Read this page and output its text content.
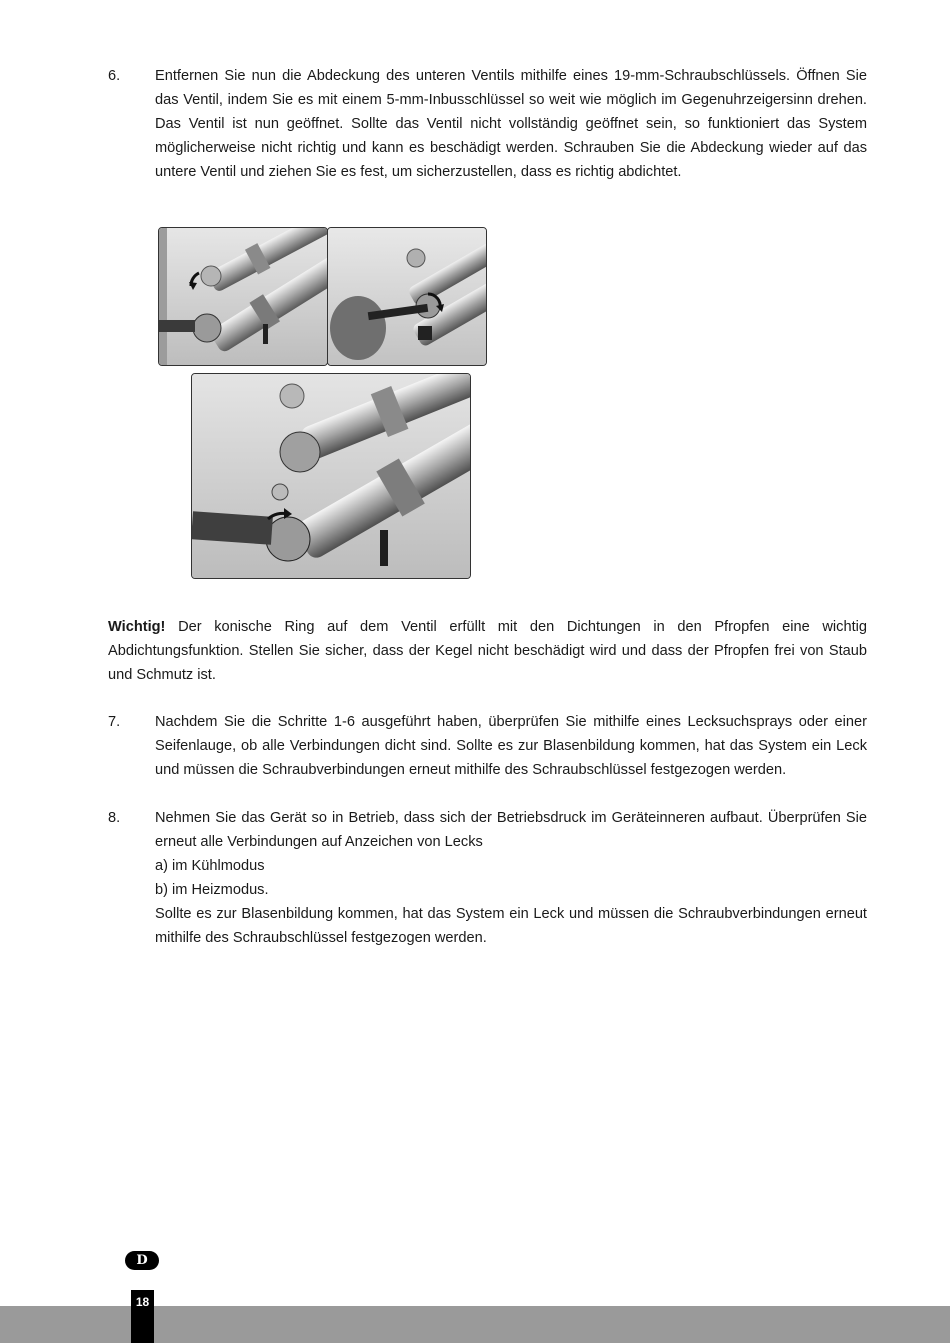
6.	Entfernen Sie nun die Abdeckung des unteren Ventils mithilfe eines 19-mm-Schraubschlüssels. Öffnen Sie das Ventil, indem Sie es mit einem 5-mm-Inbusschlüssel so weit wie möglich im Gegenuhrzeigersinn drehen. Das Ventil ist nun geöffnet. Sollte das Ventil nicht vollständig geöffnet sein, so funktioniert das System möglicherweise nicht richtig und kann es beschädigt werden. Schrauben Sie die Abdeckung wieder auf das untere Ventil und ziehen Sie es fest, um sicherzustellen, dass es richtig abdichtet.
Wichtig! Der konische Ring auf dem Ventil erfüllt mit den Dichtungen in den Pfropfen eine wichtig Abdichtungsfunktion. Stellen Sie sicher, dass der Kegel nicht beschädigt wird und dass der Pfropfen frei von Staub und Schmutz ist.
7.	Nachdem Sie die Schritte 1-6 ausgeführt haben, überprüfen Sie mithilfe eines Lecksuchsprays oder einer Seifenlauge, ob alle Verbindungen dicht sind. Sollte es zur Blasenbildung kommen, hat das System ein Leck und müssen die Schraubverbindungen erneut mithilfe des Schraubschlüssel festgezogen werden.
8.	Nehmen Sie das Gerät so in Betrieb, dass sich der Betriebsdruck im Geräteinneren aufbaut. Überprüfen Sie erneut alle Verbindungen auf Anzeichen von Lecks
a) im Kühlmodus
b) im Heizmodus.
Sollte es zur Blasenbildung kommen, hat das System ein Leck und müssen die Schraubverbindungen erneut mithilfe des Schraubschlüssel festgezogen werden.
D
18
